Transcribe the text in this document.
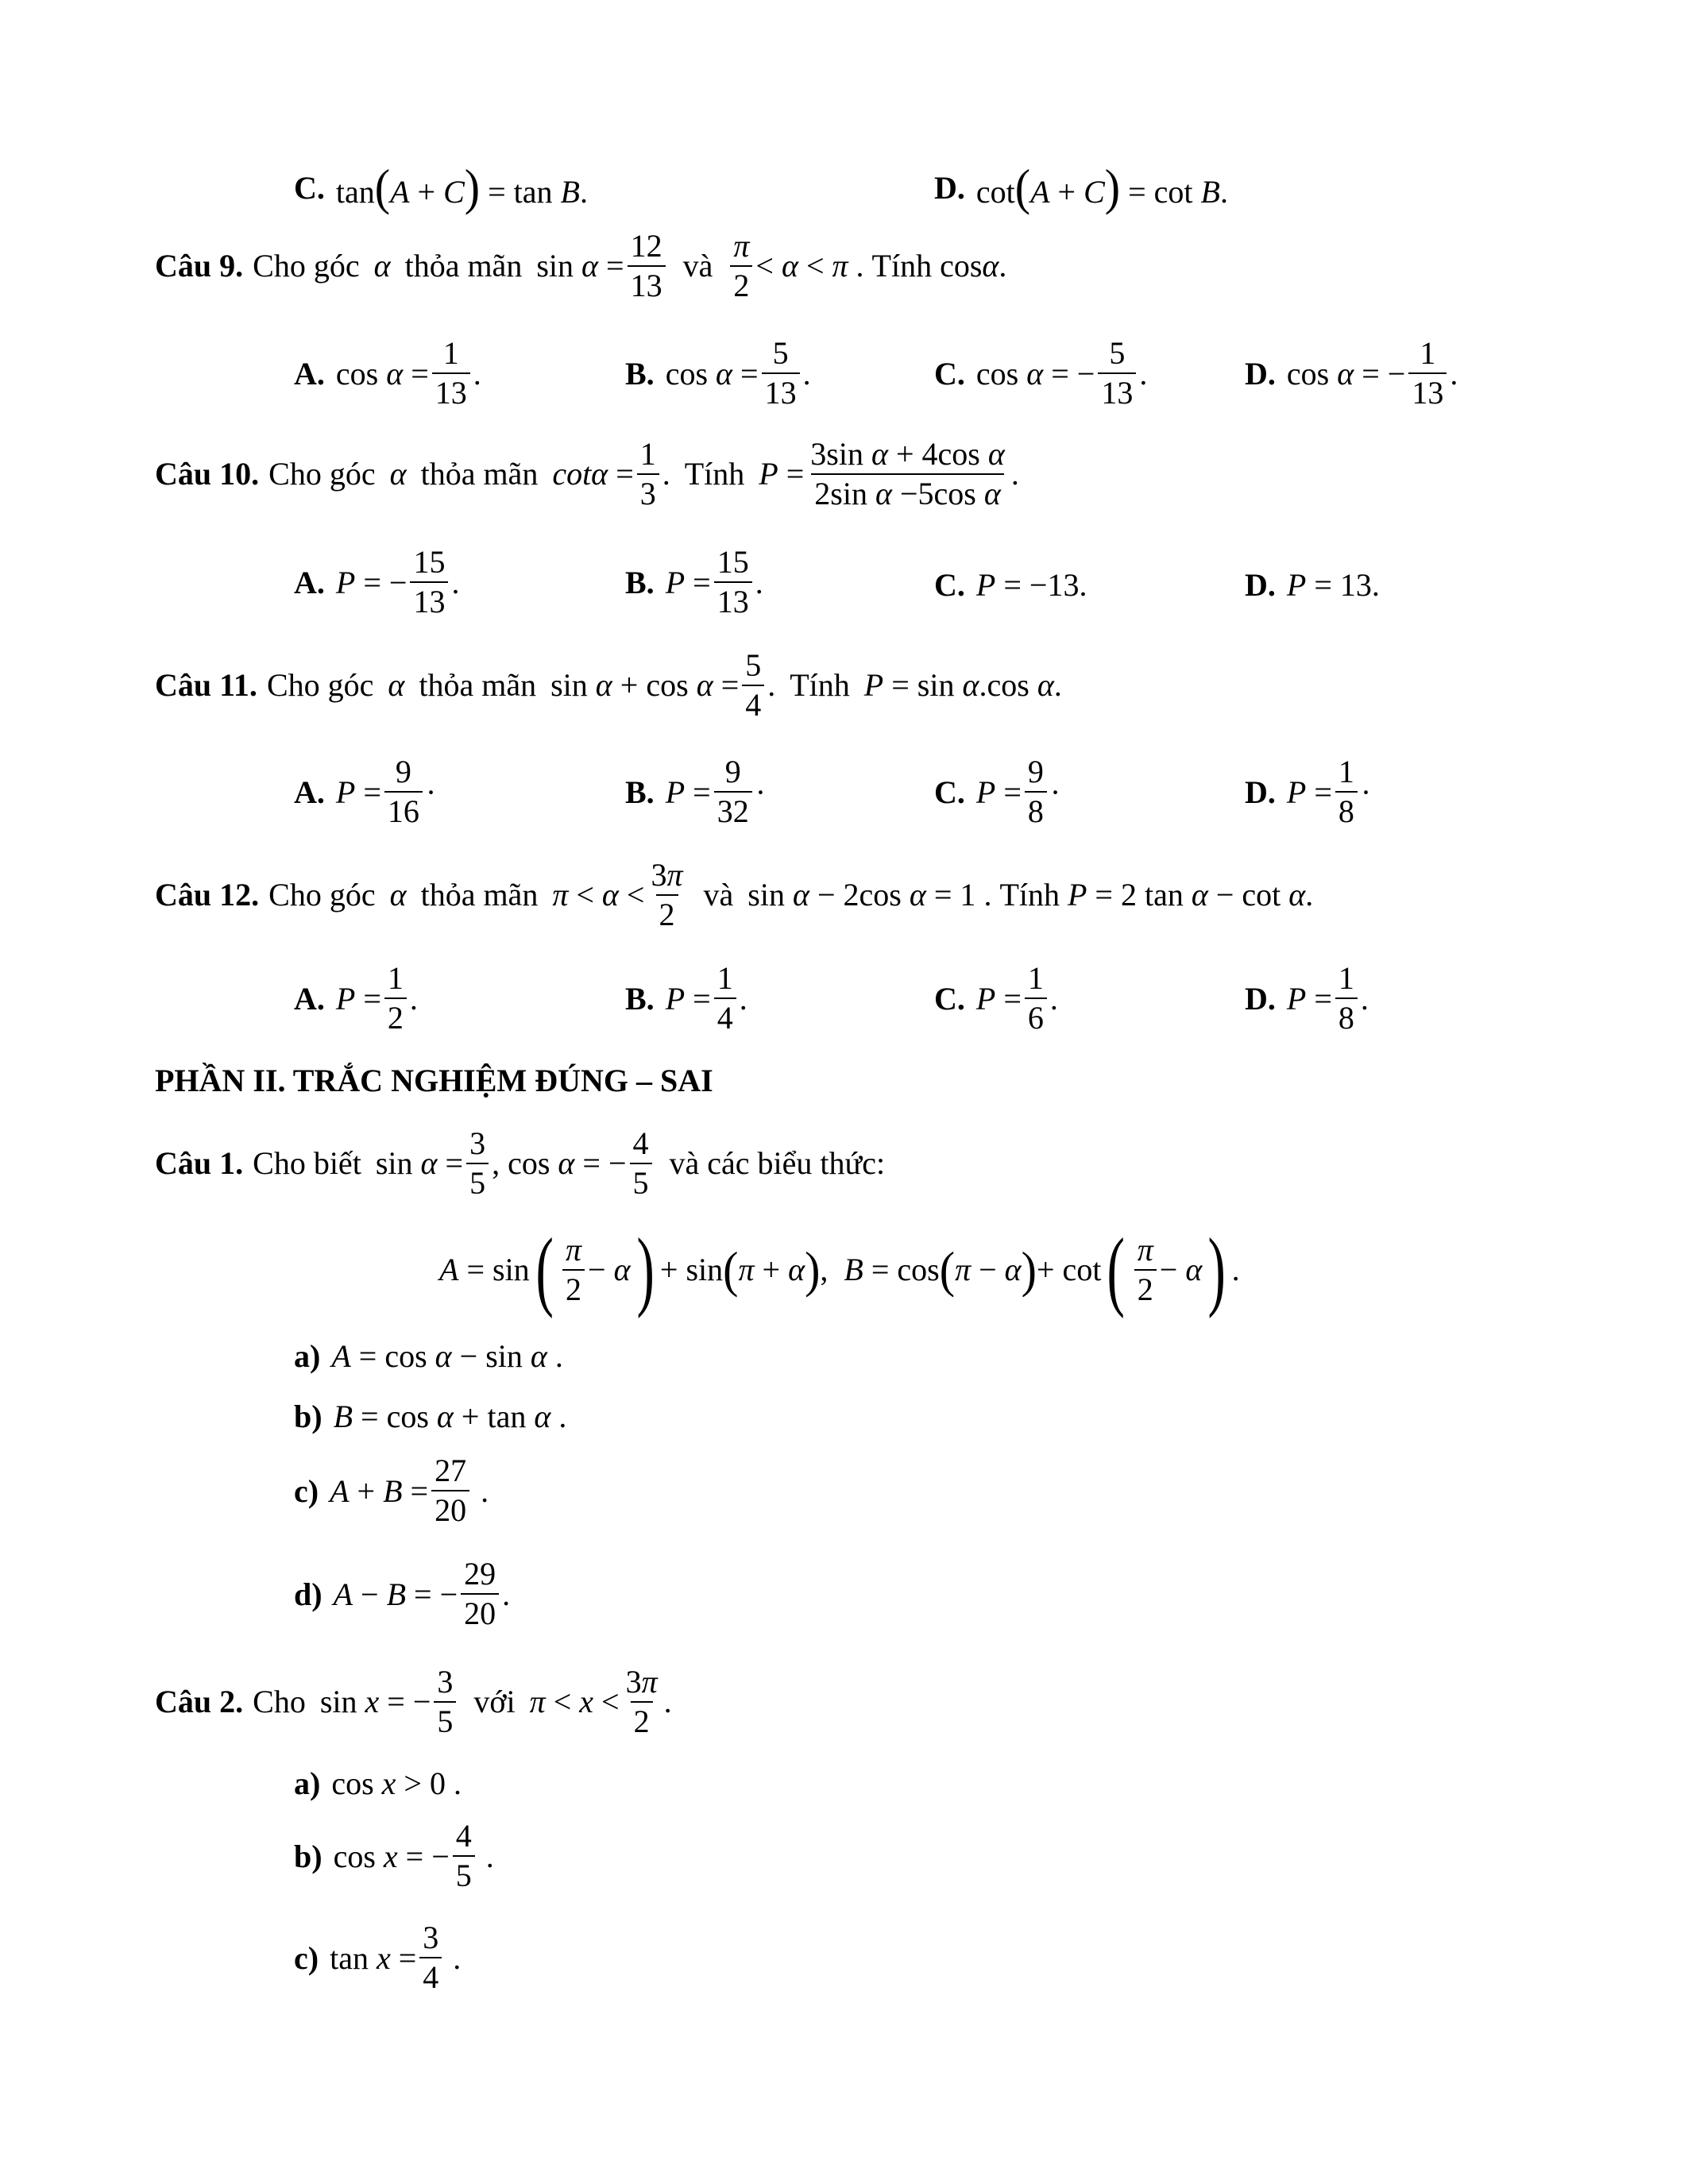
C. tan(A + C) = tan B.	D. cot(A + C) = cot B.
Câu 9. Cho góc α thỏa mãn $\sin \alpha = \frac{12}{13}$ và $\frac{\pi}{2} < \alpha < \pi$ . Tính cosα.
A. $\cos \alpha = \frac{1}{13}$ .	B. $\cos \alpha = \frac{5}{13}$ .	C. cos α = − $\frac{5}{13}$ .	D. cos α = − $\frac{1}{13}$ .
Câu 10. Cho góc α thỏa mãn $\cot\alpha = \frac{1}{3}$ . Tính $P = \frac{\text{3sin α + 4cos α}}{\text{2sin α −5cos α}}$ .
A. P = − $\frac{15}{13}$ .	B. $P = \frac{15}{13}$ .	C. P = −13.	D. P = 13.
Câu 11. Cho góc α thỏa mãn $\sin \alpha + \cos \alpha = \frac{5}{4}$ . Tính P = sin α.cos α.
A. $P = \frac{9}{16}$ ·	B. $P = \frac{9}{32}$ ·	C. $P = \frac{9}{8}$ ·	D. $P = \frac{1}{8}$ ·
Câu 12. Cho góc α thỏa mãn $\pi < \alpha < \frac{3\pi}{2}$ và sin α − 2cos α = 1 . Tính P = 2 tan α − cot α.
A. $P = \frac{1}{2}$ .	B. $P = \frac{1}{4}$ .	C. $P = \frac{1}{6}$ .	D. $P = \frac{1}{8}$ .
PHẦN II. TRẮC NGHIỆM ĐÚNG – SAI
Câu 1. Cho biết $\sin \alpha = \frac{3}{5}$ , cos α = − $\frac{4}{5}$ và các biểu thức:
A = sin ( $\frac{\pi}{2} - \alpha$ ) + sin ( π + α ) ,  B = cos ( π − α ) + cot ( $\frac{\pi}{2} - \alpha$ ) .
a) A = cos α − sin α .
b) B = cos α + tan α .
c) $A + B = \frac{27}{20}$ .
d) A − B = − $\frac{29}{20}$ .
Câu 2. Cho sin x = − $\frac{3}{5}$ với $\pi < x < \frac{3\pi}{2}$ .
a) cos x > 0 .
b) cos x = − $\frac{4}{5}$ .
c) $\tan x = \frac{3}{4}$ .
